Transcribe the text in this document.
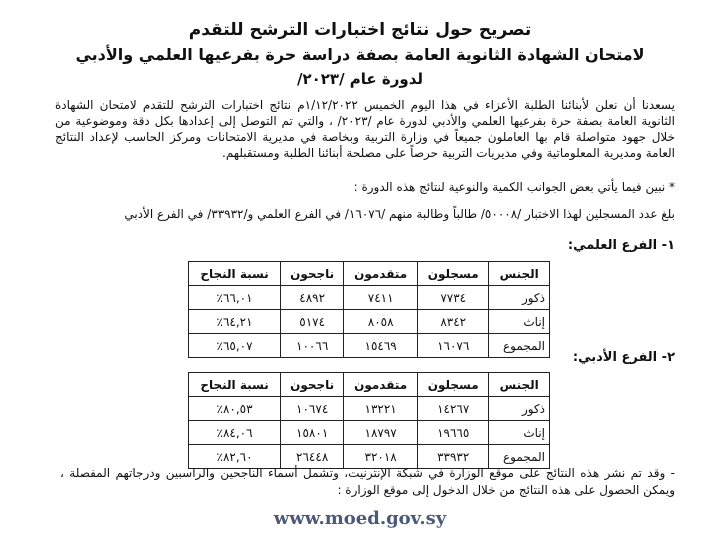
تصريح حول نتائج اختبارات الترشح للتقدم
لامتحان الشهادة الثانوية العامة بصفة دراسة حرة بفرعيها العلمي والأدبي
لدورة عام /٢٠٢٣/
يسعدنا أن نعلن لأبنائنا الطلبة الأعزاء في هذا اليوم الخميس ١/١٢/٢٠٢٢م نتائج اختبارات الترشح للتقدم لامتحان الشهادة الثانوية العامة بصفة حرة بفرعيها العلمي والأدبي لدورة عام /٢٠٢٣/ ، والتي تم التوصل إلى إعدادها بكل دقة وموضوعية من خلال جهود متواصلة قام بها العاملون جميعاً في وزارة التربية وبخاصة في مديرية الامتحانات ومركز الحاسب لإعداد النتائج العامة ومديرية المعلوماتية وفي مديريات التربية حرصاً على مصلحة أبنائنا الطلبة ومستقبلهم.
* نبين فيما يأتي بعض الجوانب الكمية والنوعية لنتائج هذه الدورة :
بلغ عدد المسجلين لهذا الاختبار /٥٠٠٠٨/ طالباً وطالبة منهم /١٦٠٧٦/ في الفرع العلمي و/٣٣٩٣٢/ في الفرع الأدبي
١- الفرع العلمي:
الجنس	مسجلون	متقدمون	ناجحون	نسبة النجاح
ذكور	٧٧٣٤	٧٤١١	٤٨٩٢	٦٦,٠١٪
إناث	٨٣٤٢	٨٠٥٨	٥١٧٤	٦٤,٢١٪
المجموع	١٦٠٧٦	١٥٤٦٩	١٠٠٦٦	٦٥,٠٧٪
٢- الفرع الأدبي:
الجنس	مسجلون	متقدمون	ناجحون	نسبة النجاح
ذكور	١٤٢٦٧	١٣٢٢١	١٠٦٧٤	٨٠,٥٣٪
إناث	١٩٦٦٥	١٨٧٩٧	١٥٨٠١	٨٤,٠٦٪
المجموع	٣٣٩٣٢	٣٢٠١٨	٢٦٤٤٨	٨٢,٦٠٪
- وقد تم نشر هذه النتائج على موقع الوزارة في شبكة الإنترنيت، وتشمل أسماء الناجحين والراسبين ودرجاتهم المفصلة ، ويمكن الحصول على هذه النتائج من خلال الدخول إلى موقع الوزارة :
www.moed.gov.sy
